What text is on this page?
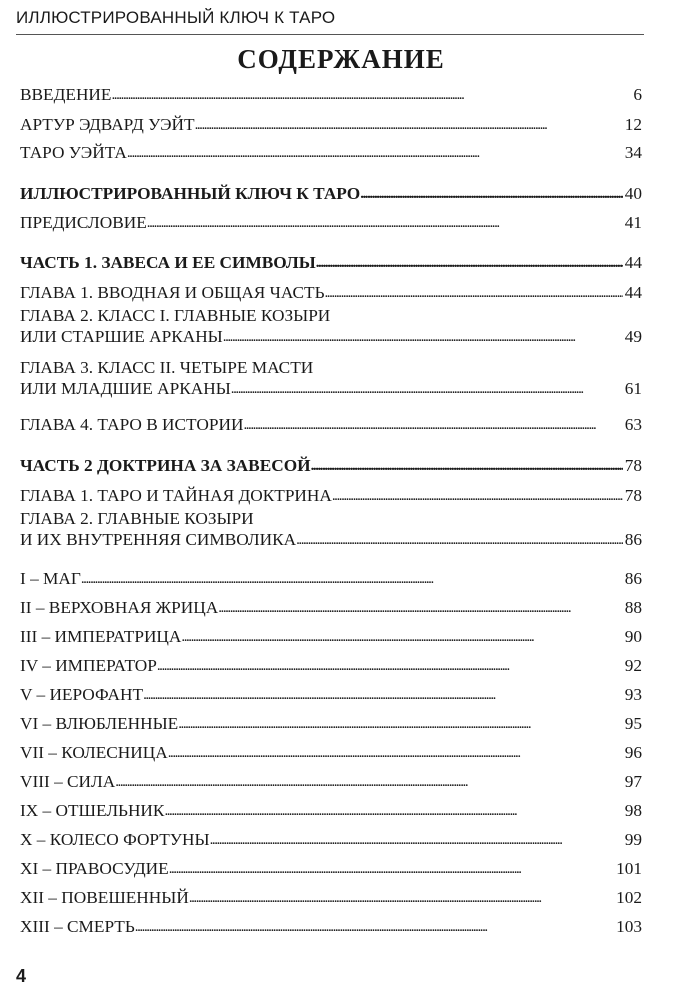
ИЛЛЮСТРИРОВАННЫЙ КЛЮЧ К ТАРО
СОДЕРЖАНИЕ
ВВЕДЕНИЕ . . .	6
АРТУР ЭДВАРД УЭЙТ . . .	12
ТАРО УЭЙТА . . .	34
ИЛЛЮСТРИРОВАННЫЙ КЛЮЧ К ТАРО . . .	40
ПРЕДИСЛОВИЕ . . .	41
ЧАСТЬ 1. ЗАВЕСА И ЕЕ СИМВОЛЫ . . .	44
ГЛАВА 1. ВВОДНАЯ И ОБЩАЯ ЧАСТЬ . . .	44
ГЛАВА 2. КЛАСС I. ГЛАВНЫЕ КОЗЫРИ
ИЛИ СТАРШИЕ АРКАНЫ . . .	49
ГЛАВА 3. КЛАСС II. ЧЕТЫРЕ МАСТИ
ИЛИ МЛАДШИЕ АРКАНЫ . . .	61
ГЛАВА 4. ТАРО В ИСТОРИИ . . .	63
ЧАСТЬ 2 ДОКТРИНА ЗА ЗАВЕСОЙ . . .	78
ГЛАВА 1. ТАРО И ТАЙНАЯ ДОКТРИНА . . .	78
ГЛАВА 2. ГЛАВНЫЕ КОЗЫРИ
И ИХ ВНУТРЕННЯЯ СИМВОЛИКА . . .	86
I – МАГ . . .	86
II – ВЕРХОВНАЯ ЖРИЦА . . .	88
III – ИМПЕРАТРИЦА . . .	90
IV – ИМПЕРАТОР . . .	92
V – ИЕРОФАНТ . . .	93
VI – ВЛЮБЛЕННЫЕ . . .	95
VII – КОЛЕСНИЦА . . .	96
VIII – СИЛА . . .	97
IX – ОТШЕЛЬНИК . . .	98
X – КОЛЕСО ФОРТУНЫ . . .	99
XI – ПРАВОСУДИЕ . . .	101
XII – ПОВЕШЕННЫЙ . . .	102
XIII – СМЕРТЬ . . .	103
4
